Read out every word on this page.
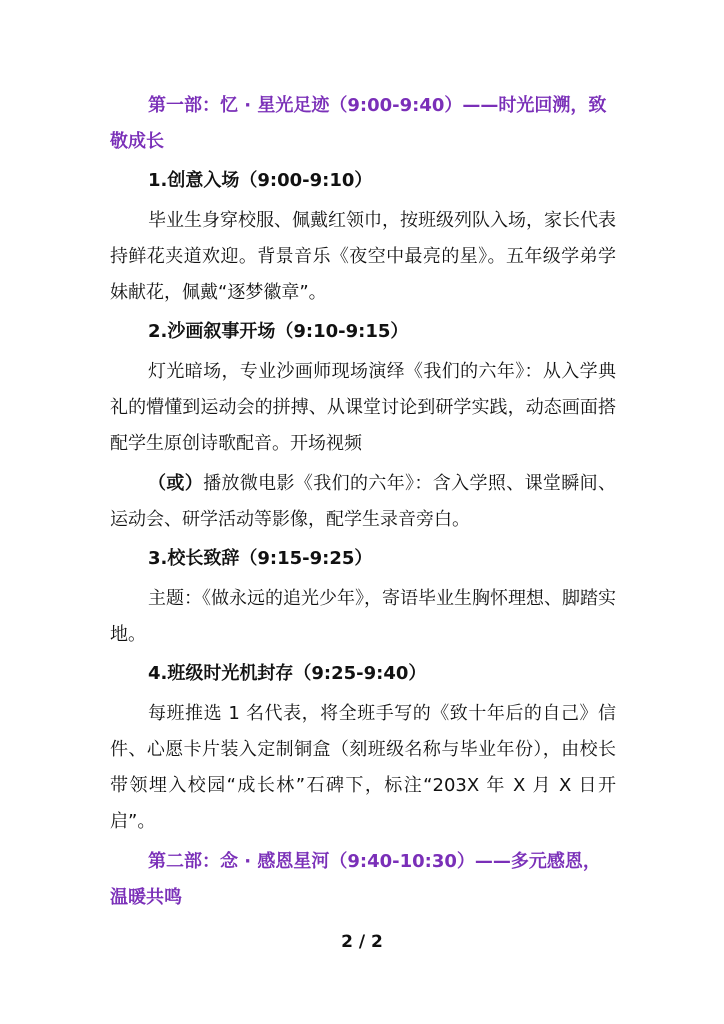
第一部：忆 · 星光足迹（9:00-9:40）——时光回溯，致敬成长

1.创意入场（9:00-9:10）

毕业生身穿校服、佩戴红领巾，按班级列队入场，家长代表持鲜花夹道欢迎。背景音乐《夜空中最亮的星》。五年级学弟学妹献花，佩戴“逐梦徽章”。

2.沙画叙事开场（9:10-9:15）

灯光暗场，专业沙画师现场演绎《我们的六年》：从入学典礼的懵懂到运动会的拼搏、从课堂讨论到研学实践，动态画面搭配学生原创诗歌配音。开场视频

（或）播放微电影《我们的六年》：含入学照、课堂瞬间、运动会、研学活动等影像，配学生录音旁白。

3.校长致辞（9:15-9:25）

主题：《做永远的追光少年》，寄语毕业生胸怀理想、脚踏实地。

4.班级时光机封存（9:25-9:40）

每班推选 1 名代表，将全班手写的《致十年后的自己》信件、心愿卡片装入定制铜盒（刻班级名称与毕业年份），由校长带领埋入校园“成长林”石碑下，标注“203X 年 X 月 X 日开启”。

第二部：念 · 感恩星河（9:40-10:30）——多元感恩，温暖共鸣

2 / 2
